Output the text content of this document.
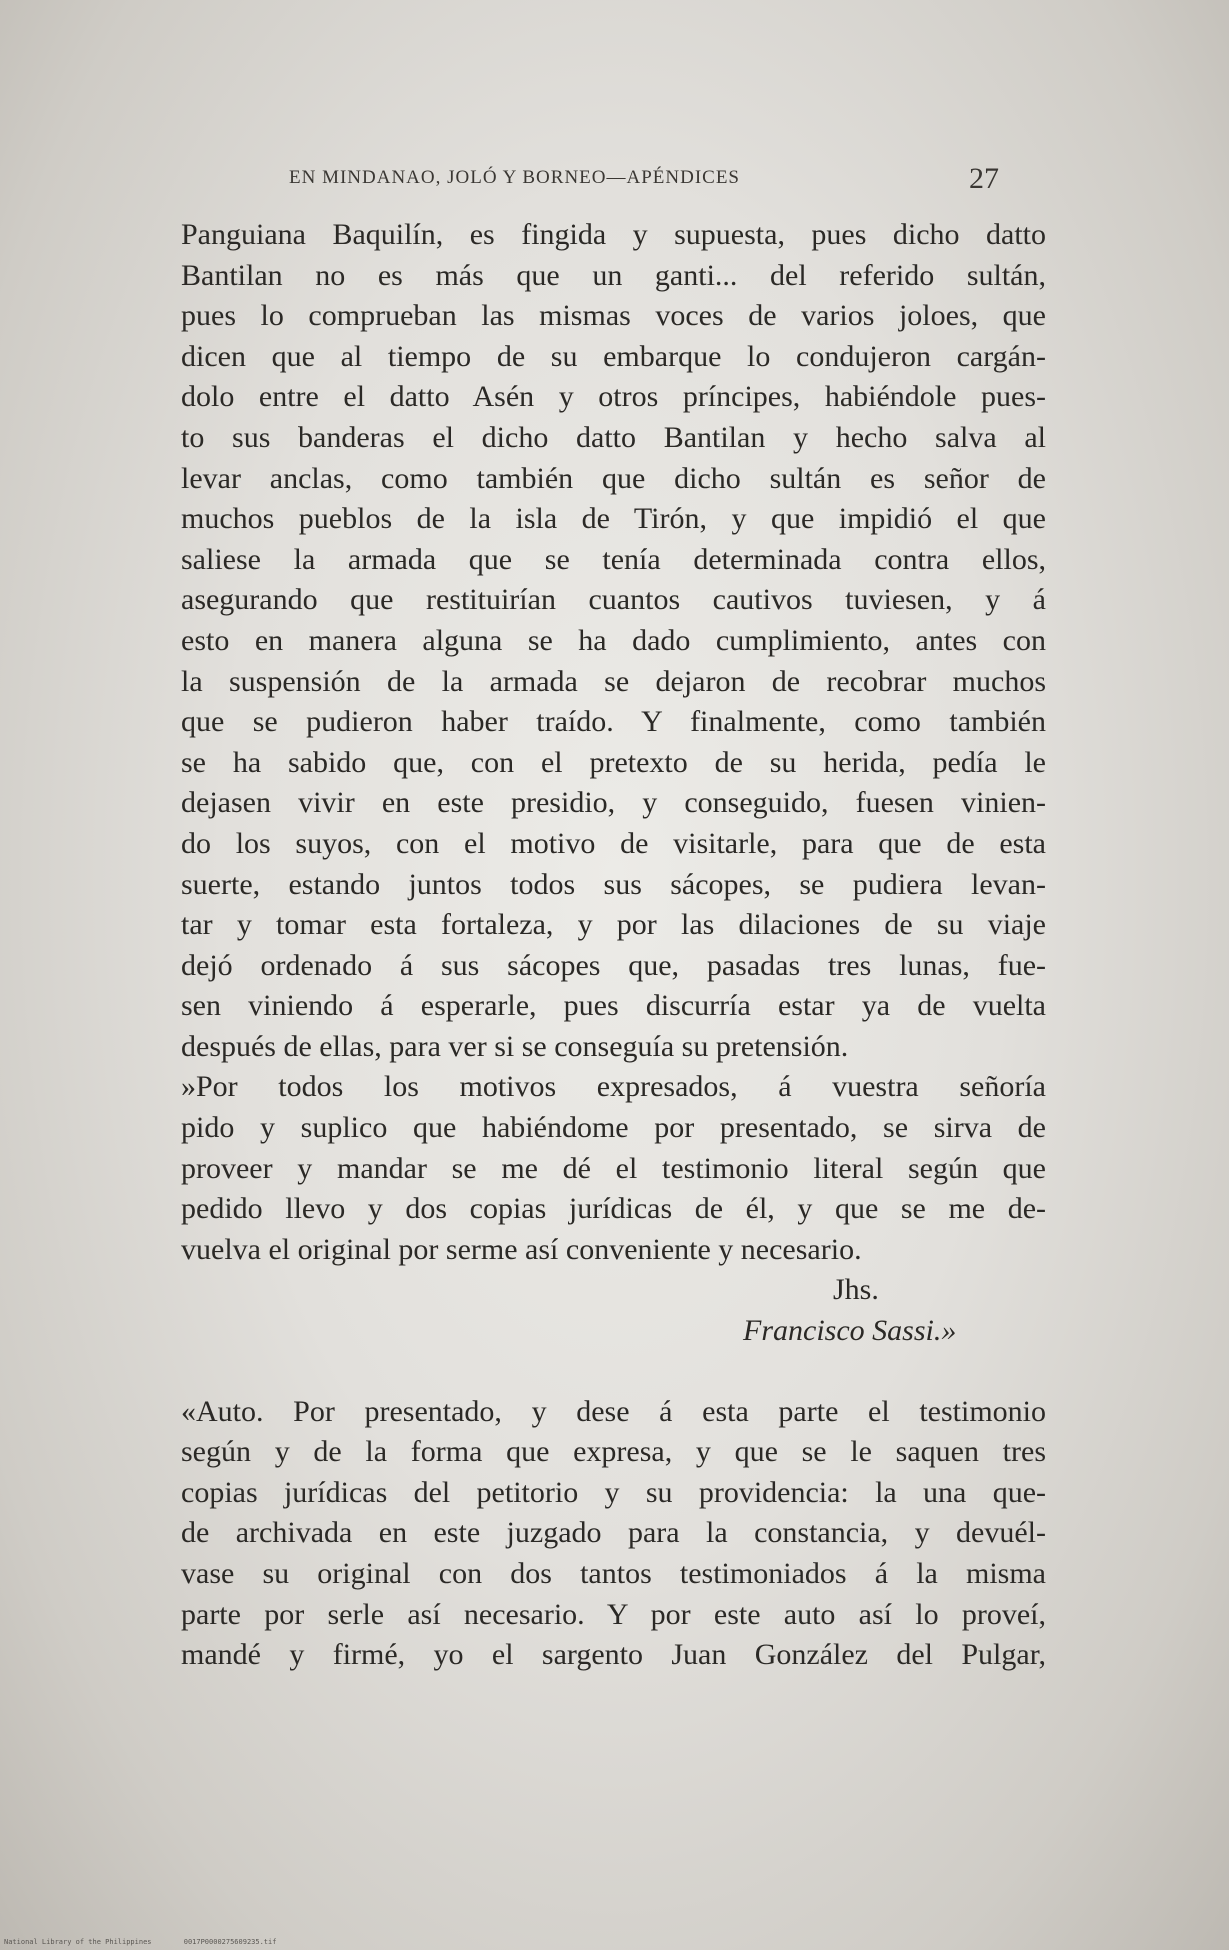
EN MINDANAO, JOLÓ Y BORNEO—APÉNDICES	27
Panguiana Baquilín, es fingida y supuesta, pues dicho datto
Bantilan no es más que un ganti... del referido sultán,
pues lo comprueban las mismas voces de varios joloes, que
dicen que al tiempo de su embarque lo condujeron cargán-
dolo entre el datto Asén y otros príncipes, habiéndole pues-
to sus banderas el dicho datto Bantilan y hecho salva al
levar anclas, como también que dicho sultán es señor de
muchos pueblos de la isla de Tirón, y que impidió el que
saliese la armada que se tenía determinada contra ellos,
asegurando que restituirían cuantos cautivos tuviesen, y á
esto en manera alguna se ha dado cumplimiento, antes con
la suspensión de la armada se dejaron de recobrar muchos
que se pudieron haber traído. Y finalmente, como también
se ha sabido que, con el pretexto de su herida, pedía le
dejasen vivir en este presidio, y conseguido, fuesen vinien-
do los suyos, con el motivo de visitarle, para que de esta
suerte, estando juntos todos sus sácopes, se pudiera levan-
tar y tomar esta fortaleza, y por las dilaciones de su viaje
dejó ordenado á sus sácopes que, pasadas tres lunas, fue-
sen viniendo á esperarle, pues discurría estar ya de vuelta
después de ellas, para ver si se conseguía su pretensión.
»Por todos los motivos expresados, á vuestra señoría
pido y suplico que habiéndome por presentado, se sirva de
proveer y mandar se me dé el testimonio literal según que
pedido llevo y dos copias jurídicas de él, y que se me de-
vuelva el original por serme así conveniente y necesario.
Jhs.
Francisco Sassi.»
«Auto. Por presentado, y dese á esta parte el testimonio
según y de la forma que expresa, y que se le saquen tres
copias jurídicas del petitorio y su providencia: la una que-
de archivada en este juzgado para la constancia, y devuél-
vase su original con dos tantos testimoniados á la misma
parte por serle así necesario. Y por este auto así lo proveí,
mandé y firmé, yo el sargento Juan González del Pulgar,
National Library of the Philippines	0017P0000275609235.tif
